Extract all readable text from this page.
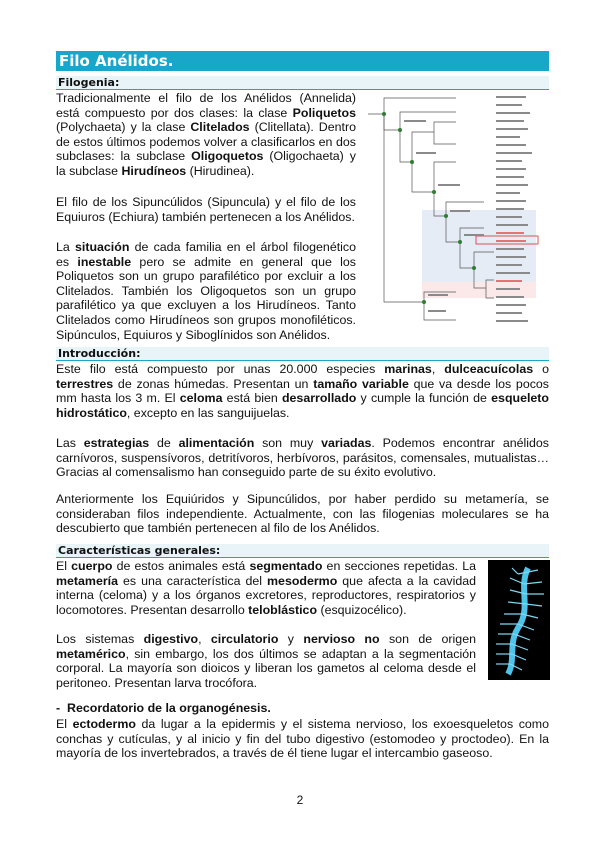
Filo Anélidos.
Filogenia:
Tradicionalmente el filo de los Anélidos (Annelida) está compuesto por dos clases: la clase Poliquetos (Polychaeta) y la clase Clitelados (Clitellata). Dentro de estos últimos podemos volver a clasificarlos en dos subclases: la subclase Oligoquetos (Oligochaeta) y la subclase Hirudíneos (Hirudinea).
El filo de los Sipuncúlidos (Sipuncula) y el filo de los Equiuros (Echiura) también pertenecen a los Anélidos.
La situación de cada familia en el árbol filogenético es inestable pero se admite en general que los Poliquetos son un grupo parafilético por excluir a los Clitelados. También los Oligoquetos son un grupo parafilético ya que excluyen a los Hirudíneos. Tanto Clitelados como Hirudíneos son grupos monofiléticos. Sipúnculos, Equiuros y Siboglínidos son Anélidos.
Introducción:
Este filo está compuesto por unas 20.000 especies marinas, dulceacuícolas o terrestres de zonas húmedas. Presentan un tamaño variable que va desde los pocos mm hasta los 3 m. El celoma está bien desarrollado y cumple la función de esqueleto hidrostático, excepto en las sanguijuelas.
Las estrategias de alimentación son muy variadas. Podemos encontrar anélidos carnívoros, suspensívoros, detritívoros, herbívoros, parásitos, comensales, mutualistas… Gracias al comensalismo han conseguido parte de su éxito evolutivo.
Anteriormente los Equiúridos y Sipuncúlidos, por haber perdido su metamería, se consideraban filos independiente. Actualmente, con las filogenias moleculares se ha descubierto que también pertenecen al filo de los Anélidos.
Características generales:
El cuerpo de estos animales está segmentado en secciones repetidas. La metamería es una característica del mesodermo que afecta a la cavidad interna (celoma) y a los órganos excretores, reproductores, respiratorios y locomotores. Presentan desarrollo teloblástico (esquizocélico).
Los sistemas digestivo, circulatorio y nervioso no son de origen metamérico, sin embargo, los dos últimos se adaptan a la segmentación corporal. La mayoría son dioicos y liberan los gametos al celoma desde el peritoneo. Presentan larva trocófora.
-  Recordatorio de la organogénesis.
El ectodermo da lugar a la epidermis y el sistema nervioso, los exoesqueletos como conchas y cutículas, y al inicio y fin del tubo digestivo (estomodeo y proctodeo). En la mayoría de los invertebrados, a través de él tiene lugar el intercambio gaseoso.
2
